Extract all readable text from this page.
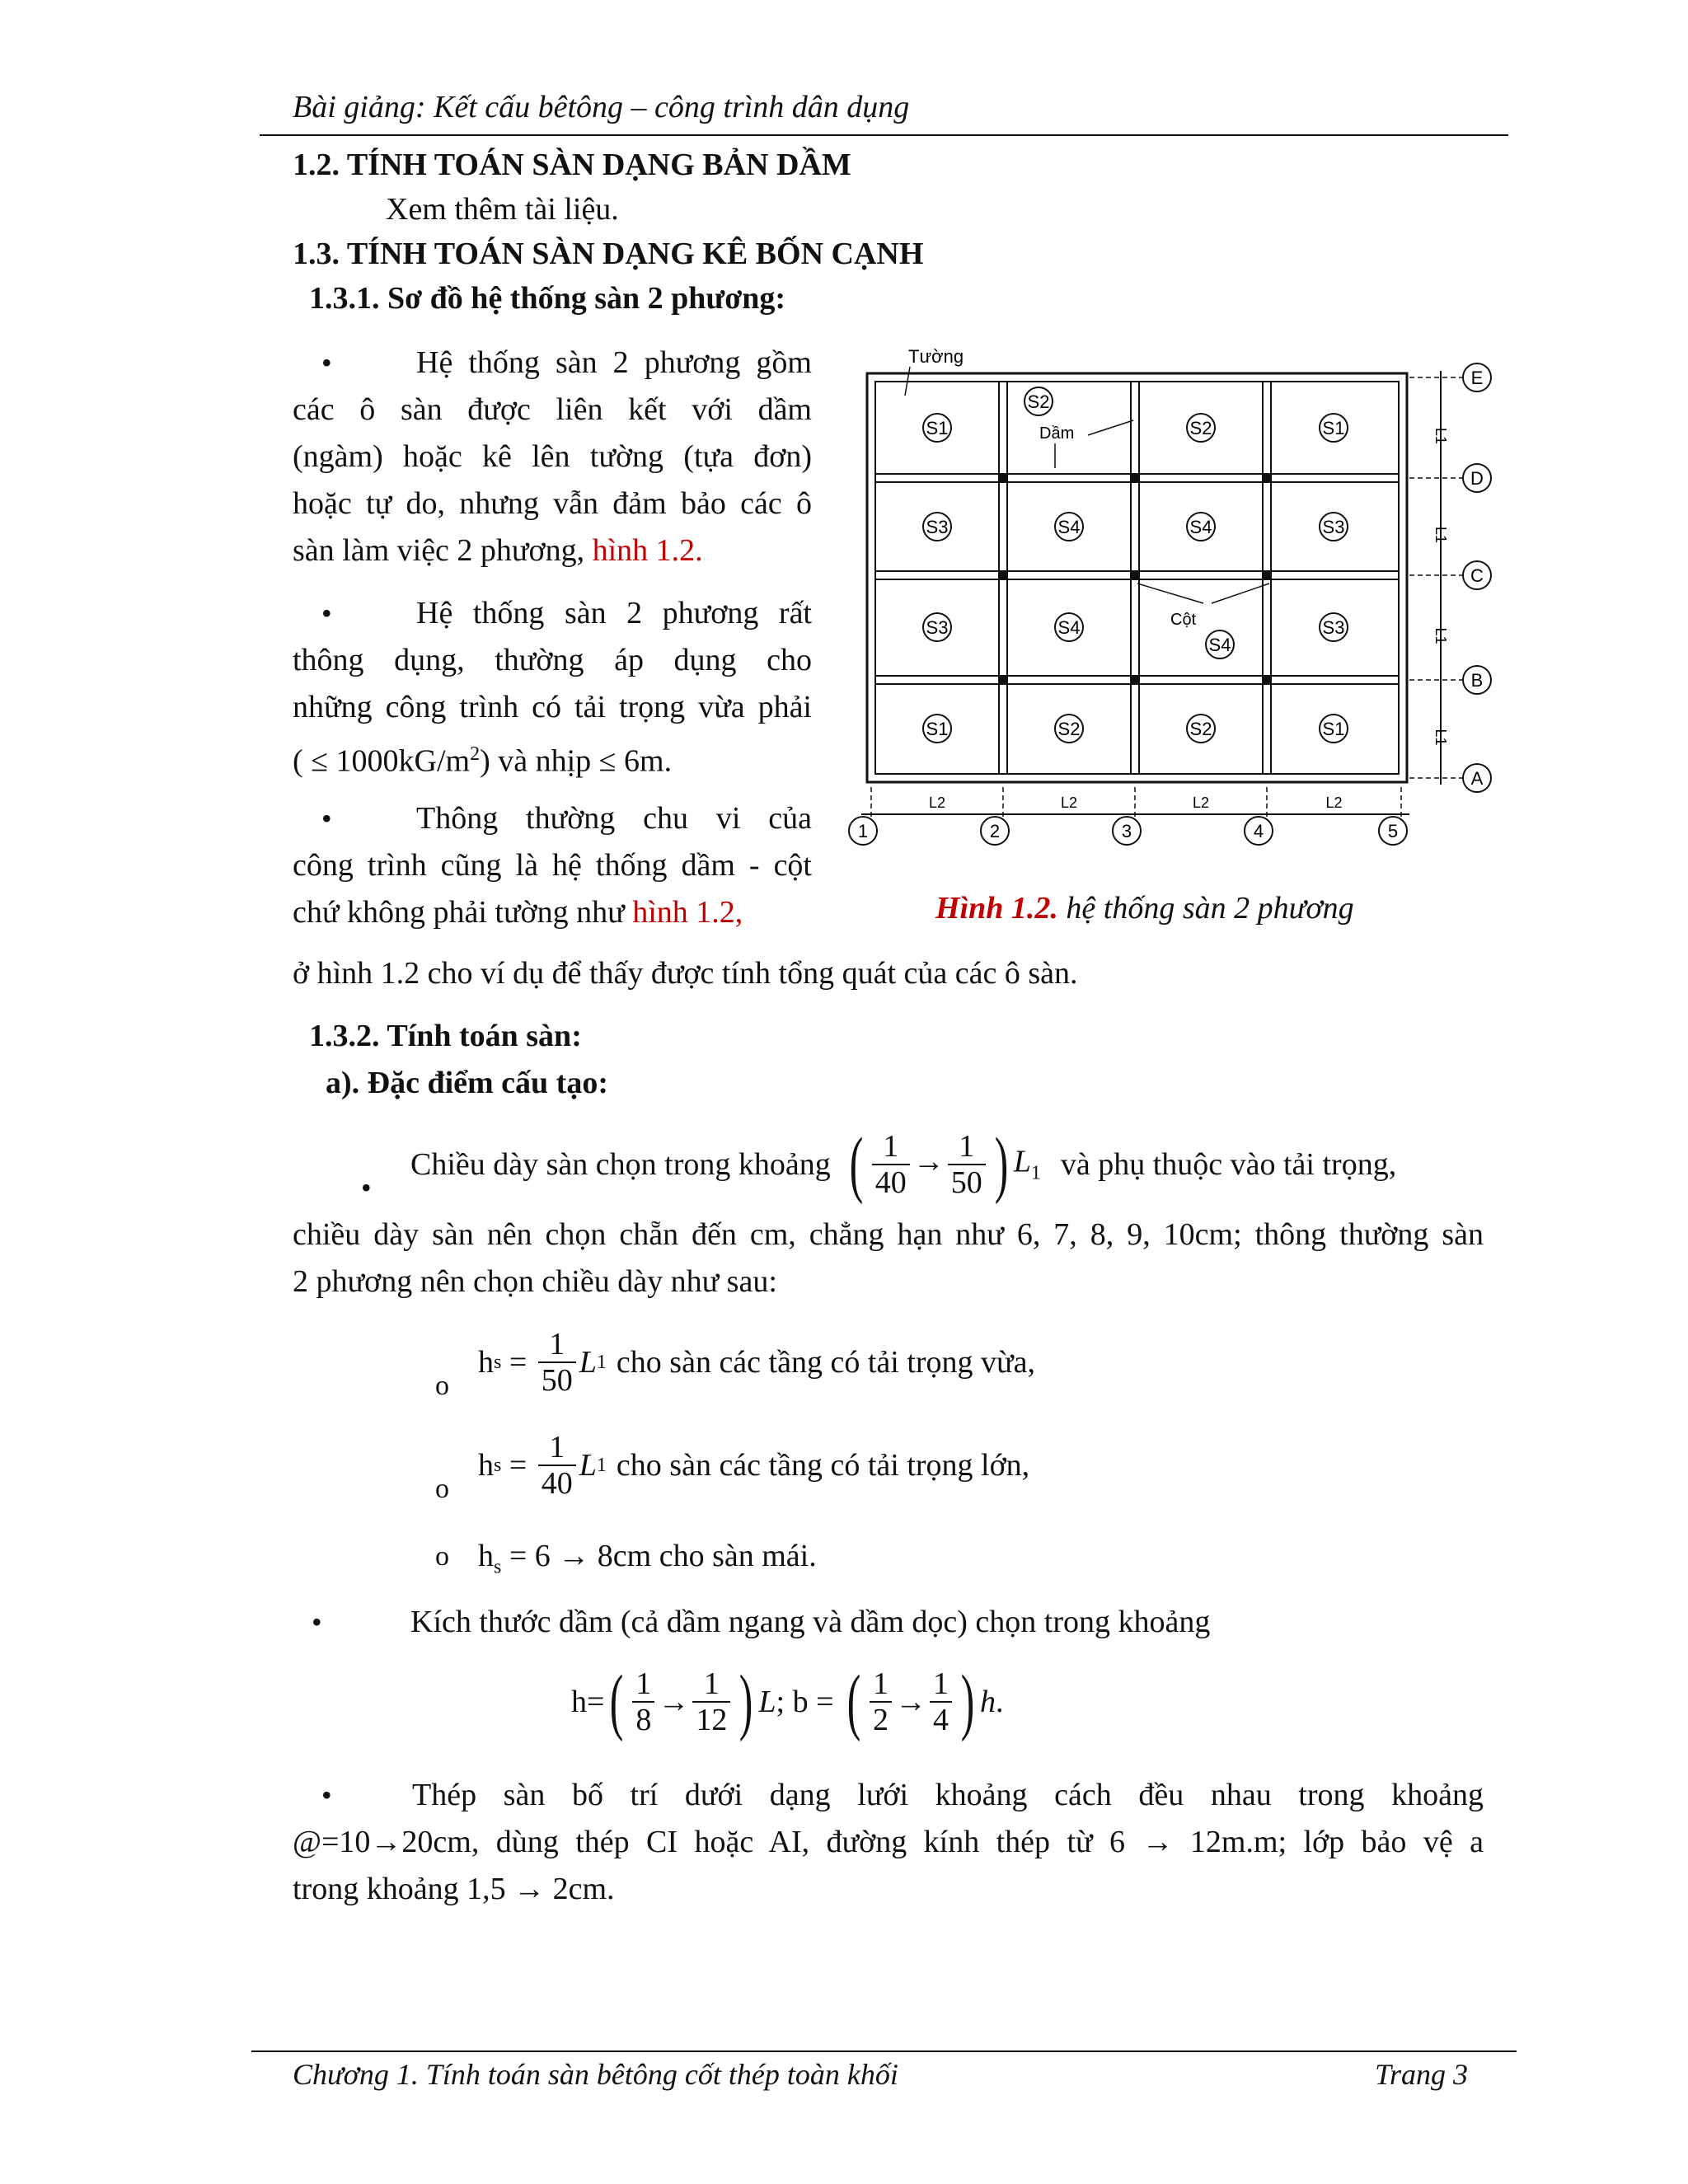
Bài giảng: Kết cấu bêtông – công trình dân dụng
1.2. TÍNH TOÁN SÀN DẠNG BẢN DẦM
Xem thêm tài liệu.
1.3. TÍNH TOÁN SÀN DẠNG KÊ BỐN CẠNH
1.3.1. Sơ đồ hệ thống sàn 2 phương:
Hệ thống sàn 2 phương gồm
các ô sàn được liên kết với dầm
(ngàm) hoặc kê lên tường (tựa đơn)
hoặc tự do, nhưng vẫn đảm bảo các ô
sàn làm việc 2 phương, hình 1.2.
Hệ thống sàn 2 phương rất
thông dụng, thường áp dụng cho
những công trình có tải trọng vừa phải
( ≤ $1000kG/m^2$) và nhịp ≤ 6m.
Thông thường chu vi của
công trình cũng là hệ thống dầm - cột
chứ không phải tường như hình 1.2,
ở hình 1.2 cho ví dụ để thấy được tính tổng quát của các ô sàn.
S1
S2
S2	S1
S3	S4	S4	S3
S3	S4
S4
S3
S1	S2	S2	S1
Tường
Dầm
Cột
E
L1
D
L1
C
L1
B
L1
A
1
L2
2
L2
3
L2
4
L2
5
Hình 1.2. hệ thống sàn 2 phương
1.3.2. Tính toán sàn:
a). Đặc điểm cấu tạo:
Chiều dày sàn chọn trong khoảng ( $\frac{1}{40} \to \frac{1}{50}$ ) $L_1$ và phụ thuộc vào tải trọng,
chiều dày sàn nên chọn chẵn đến cm, chẳng hạn như 6, 7, 8, 9, 10cm; thông thường sàn
2 phương nên chọn chiều dày như sau:
h $s = \frac{1}{50}$ L 1 cho sàn các tầng có tải trọng vừa,
h $s = \frac{1}{40}$ L 1 cho sàn các tầng có tải trọng lớn,
$h_s = 6 \to 8cm$ cho sàn mái.
Kích thước dầm (cả dầm ngang và dầm dọc) chọn trong khoảng
h= ( $\frac{1}{8} \to \frac{1}{12}$ ) L ; b = ( $\frac{1}{2} \to \frac{1}{4}$ ) h .
Thép sàn bố trí dưới dạng lưới khoảng cách đều nhau trong khoảng
@=10→20cm, dùng thép CI hoặc AI, đường kính thép từ 6 → 12m.m; lớp bảo vệ a
trong khoảng 1,5 → 2cm.
Chương 1. Tính toán sàn bêtông cốt thép toàn khối	Trang 3
